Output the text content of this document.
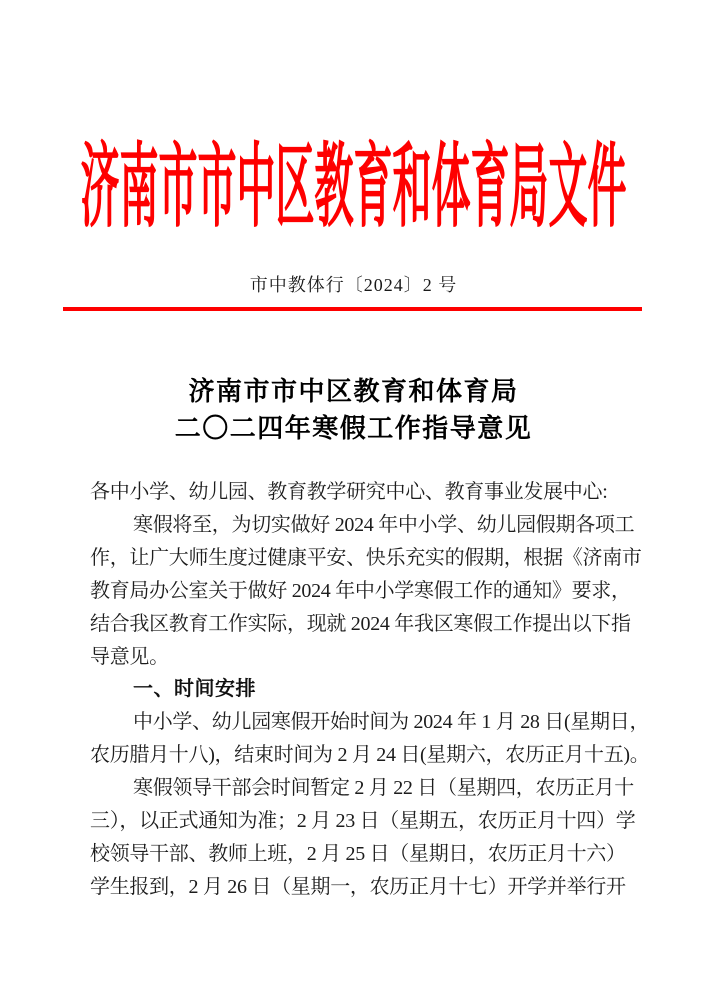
济南市市中区教育和体育局文件
市中教体行〔2024〕2 号
济南市市中区教育和体育局
二〇二四年寒假工作指导意见
各中小学、幼儿园、教育教学研究中心、教育事业发展中心:
寒假将至，为切实做好 2024 年中小学、幼儿园假期各项工
作，让广大师生度过健康平安、快乐充实的假期，根据《济南市
教育局办公室关于做好 2024 年中小学寒假工作的通知》要求，
结合我区教育工作实际，现就 2024 年我区寒假工作提出以下指
导意见。
一、时间安排
中小学、幼儿园寒假开始时间为 2024 年 1 月 28 日(星期日，
农历腊月十八)，结束时间为 2 月 24 日(星期六，农历正月十五)。
寒假领导干部会时间暂定 2 月 22 日（星期四，农历正月十
三），以正式通知为准；2 月 23 日（星期五，农历正月十四）学
校领导干部、教师上班，2 月 25 日（星期日，农历正月十六）
学生报到，2 月 26 日（星期一，农历正月十七）开学并举行开
